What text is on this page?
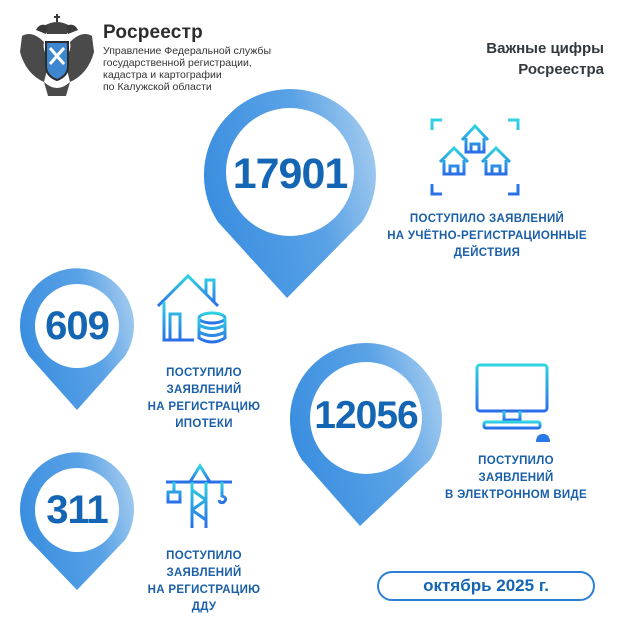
Росреестр
Управление Федеральной службы
государственной регистрации,
кадастра и картографии
по Калужской области
Важные цифры
Росреестра
17901
ПОСТУПИЛО ЗАЯВЛЕНИЙ
НА УЧЁТНО-РЕГИСТРАЦИОННЫЕ
ДЕЙСТВИЯ
609
ПОСТУПИЛО
ЗАЯВЛЕНИЙ
НА РЕГИСТРАЦИЮ
ИПОТЕКИ	12056
ПОСТУПИЛО
ЗАЯВЛЕНИЙ
В ЭЛЕКТРОННОМ ВИДЕ
311
ПОСТУПИЛО
ЗАЯВЛЕНИЙ
НА РЕГИСТРАЦИЮ
ДДУ
октябрь 2025 г.
